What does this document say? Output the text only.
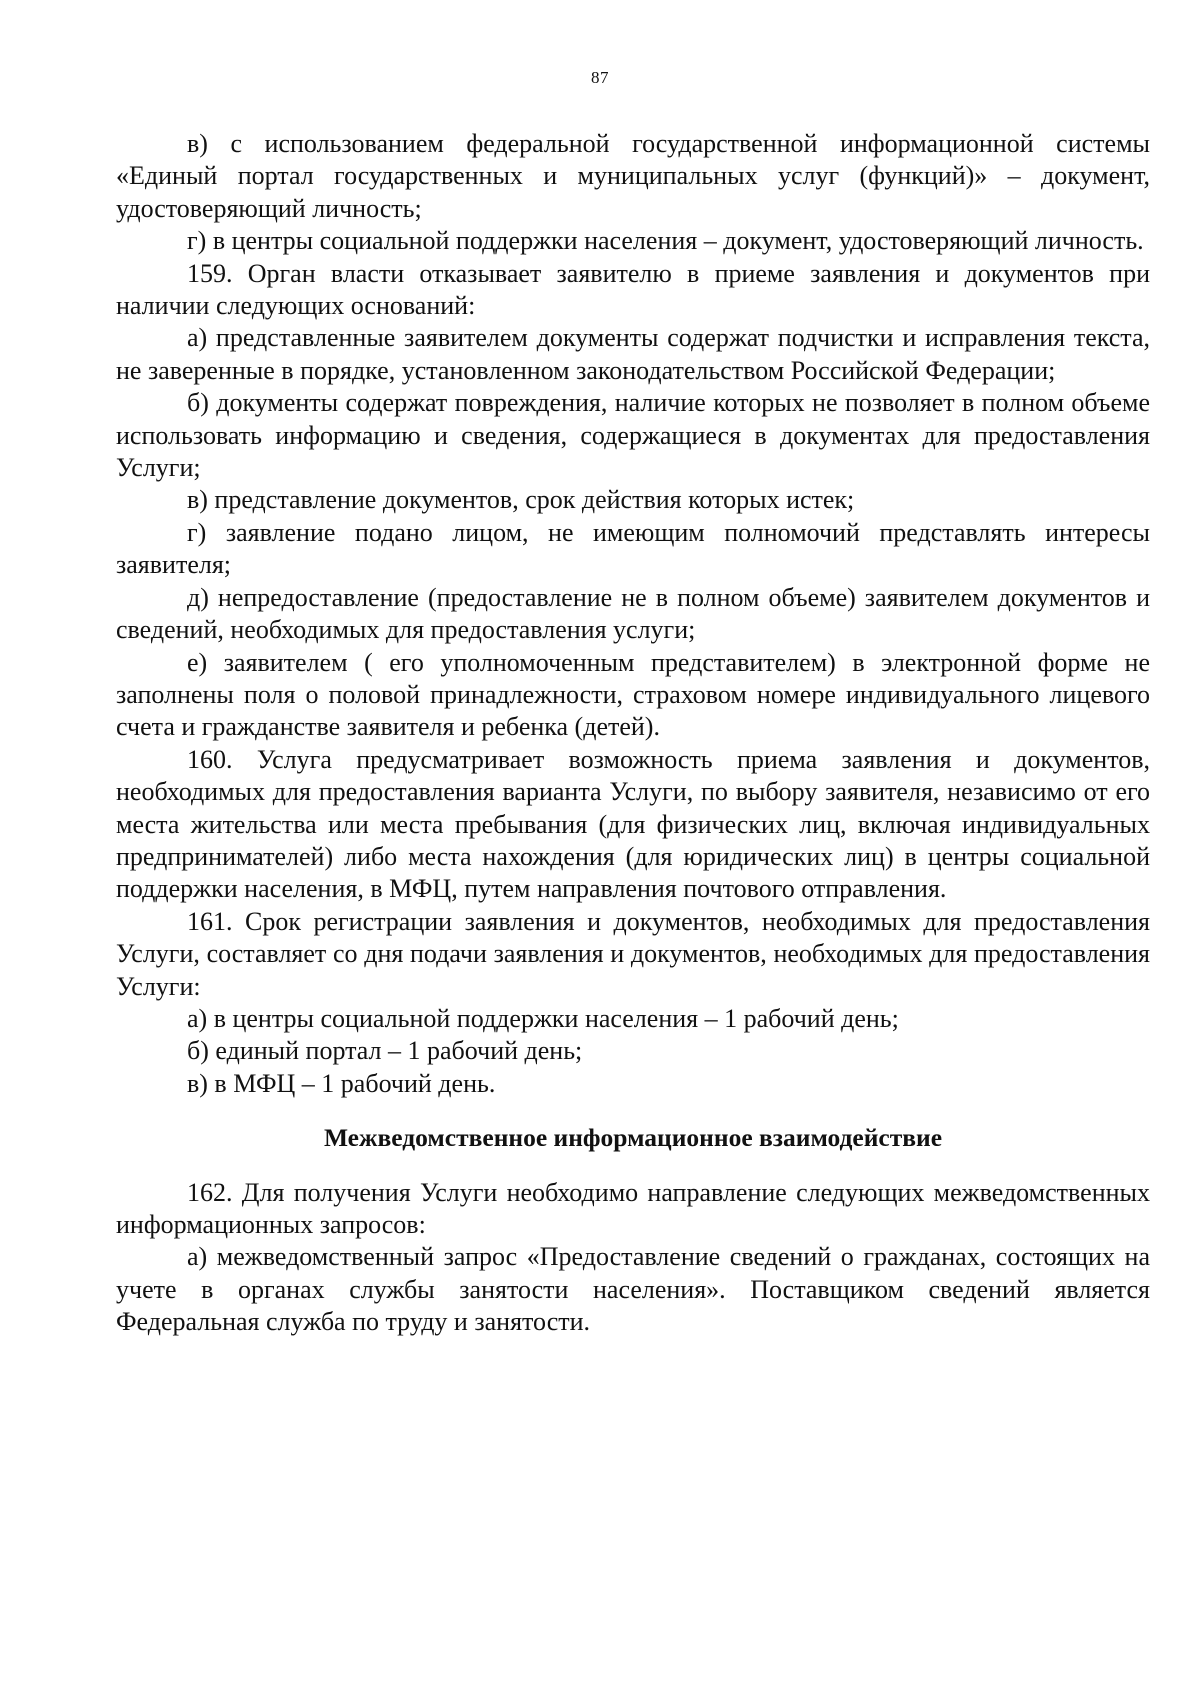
87

в) с использованием федеральной государственной информационной системы «Единый портал государственных и муниципальных услуг (функций)» – документ, удостоверяющий личность;

г) в центры социальной поддержки населения – документ, удостоверяющий личность.

159. Орган власти отказывает заявителю в приеме заявления и документов при наличии следующих оснований:

а) представленные заявителем документы содержат подчистки и исправления текста, не заверенные в порядке, установленном законодательством Российской Федерации;

б) документы содержат повреждения, наличие которых не позволяет в полном объеме использовать информацию и сведения, содержащиеся в документах для предоставления Услуги;

в) представление документов, срок действия которых истек;

г) заявление подано лицом, не имеющим полномочий представлять интересы заявителя;

д) непредоставление (предоставление не в полном объеме) заявителем документов и сведений, необходимых для предоставления услуги;

е) заявителем ( его уполномоченным представителем) в электронной форме не заполнены поля о половой принадлежности, страховом номере индивидуального лицевого счета и гражданстве заявителя и ребенка (детей).

160. Услуга предусматривает возможность приема заявления и документов, необходимых для предоставления варианта Услуги, по выбору заявителя, независимо от его места жительства или места пребывания (для физических лиц, включая индивидуальных предпринимателей) либо места нахождения (для юридических лиц) в центры социальной поддержки населения, в МФЦ, путем направления почтового отправления.

161. Срок регистрации заявления и документов, необходимых для предоставления Услуги, составляет со дня подачи заявления и документов, необходимых для предоставления Услуги:

а) в центры социальной поддержки населения – 1 рабочий день;

б) единый портал – 1 рабочий день;

в) в МФЦ – 1 рабочий день.

Межведомственное информационное взаимодействие

162. Для получения Услуги необходимо направление следующих межведомственных информационных запросов:

а) межведомственный запрос «Предоставление сведений о гражданах, состоящих на учете в органах службы занятости населения». Поставщиком сведений является Федеральная служба по труду и занятости.
